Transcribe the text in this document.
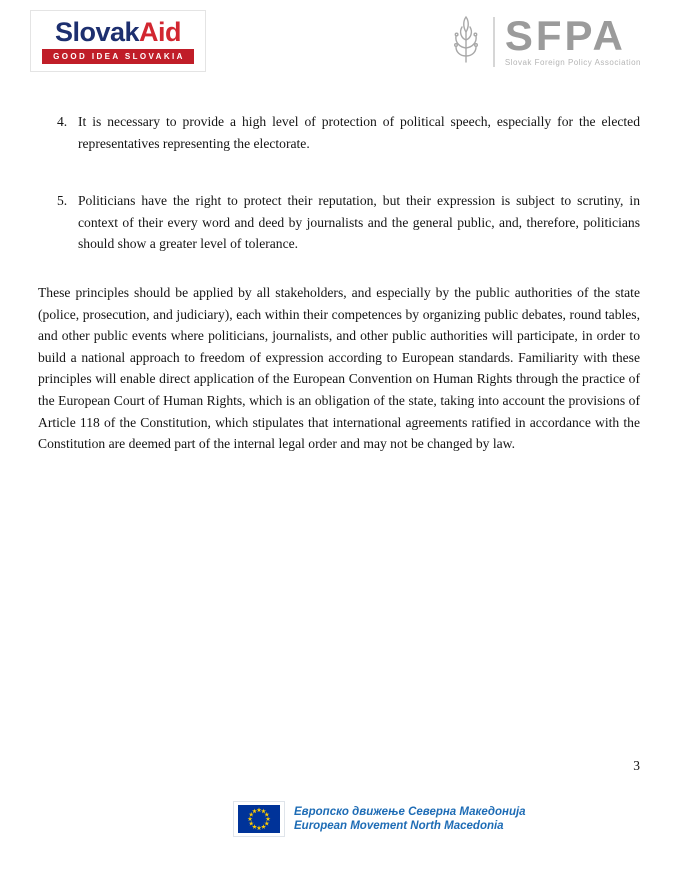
SlovakAid
GOOD IDEA SLOVAKIA	SFPA
Slovak Foreign Policy Association
4. It is necessary to provide a high level of protection of political speech, especially for the elected representatives representing the electorate.
5. Politicians have the right to protect their reputation, but their expression is subject to scrutiny, in context of their every word and deed by journalists and the general public, and, therefore, politicians should show a greater level of tolerance.

These principles should be applied by all stakeholders, and especially by the public authorities of the state (police, prosecution, and judiciary), each within their competences by organizing public debates, round tables, and other public events where politicians, journalists, and other public authorities will participate, in order to build a national approach to freedom of expression according to European standards. Familiarity with these principles will enable direct application of the European Convention on Human Rights through the practice of the European Court of Human Rights, which is an obligation of the state, taking into account the provisions of Article 118 of the Constitution, which stipulates that international agreements ratified in accordance with the Constitution are deemed part of the internal legal order and may not be changed by law.

3
Европско движење Северна Македонија
European Movement North Macedonia
